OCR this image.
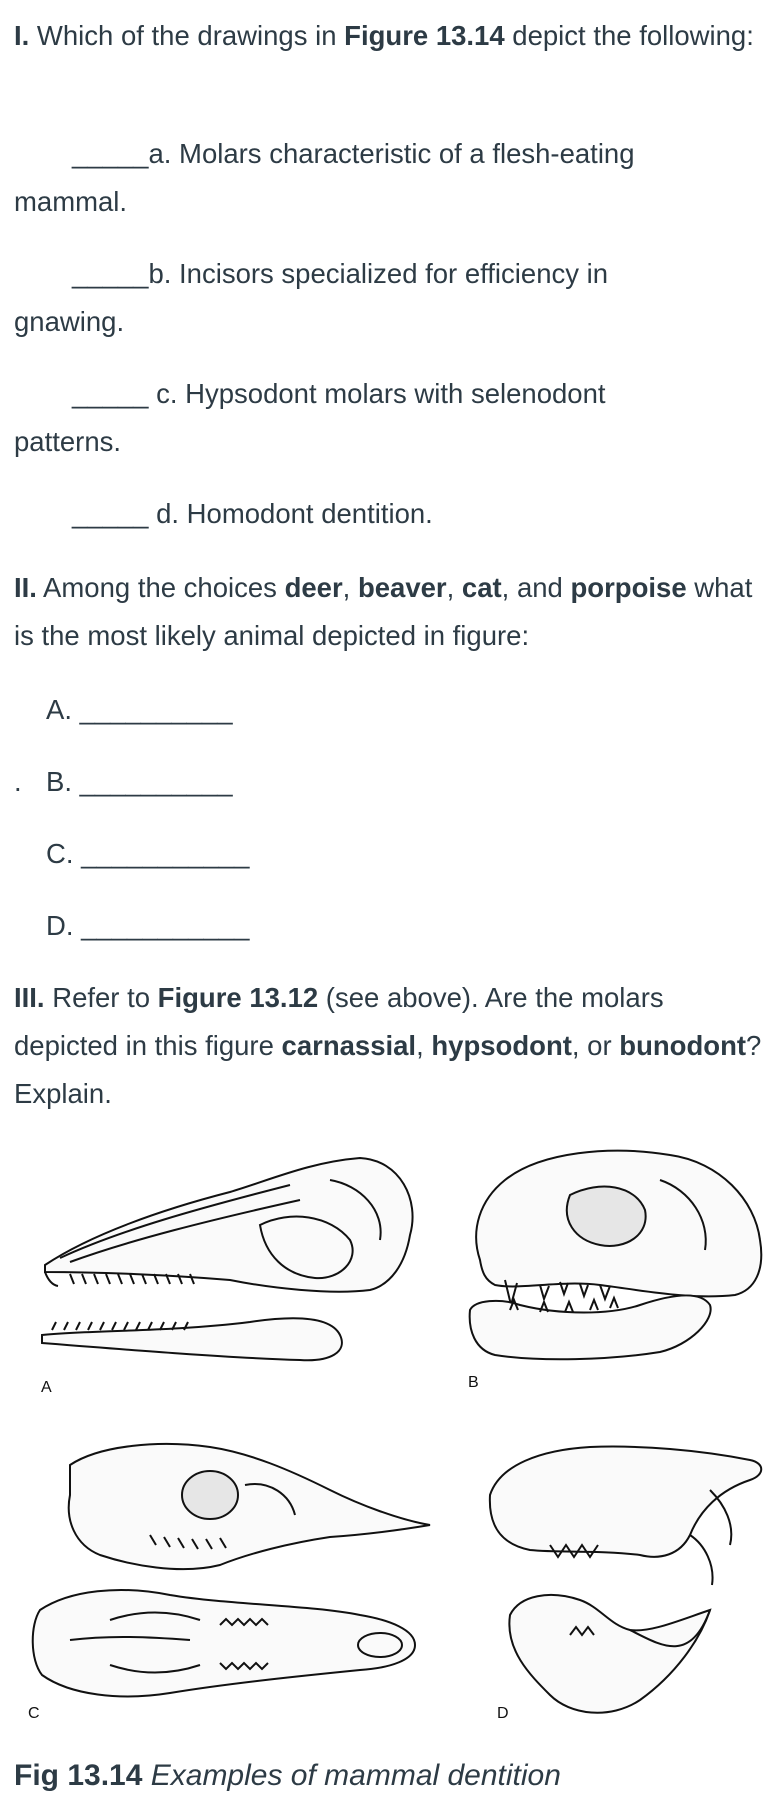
I. Which of the drawings in Figure 13.14 depict the following:

_____a. Molars characteristic of a flesh-eating
mammal.
_____b. Incisors specialized for efficiency in
gnawing.
_____ c. Hypsodont molars with selenodont
patterns.
_____ d. Homodont dentition.

II. Among the choices deer, beaver, cat, and porpoise what is the most likely animal depicted in figure:

A. __________
. B. __________
C. ___________
D. ___________

III. Refer to Figure 13.12 (see above). Are the molars depicted in this figure carnassial, hypsodont, or bunodont? Explain.

A	B
C	D
Fig 13.14 Examples of mammal dentition
